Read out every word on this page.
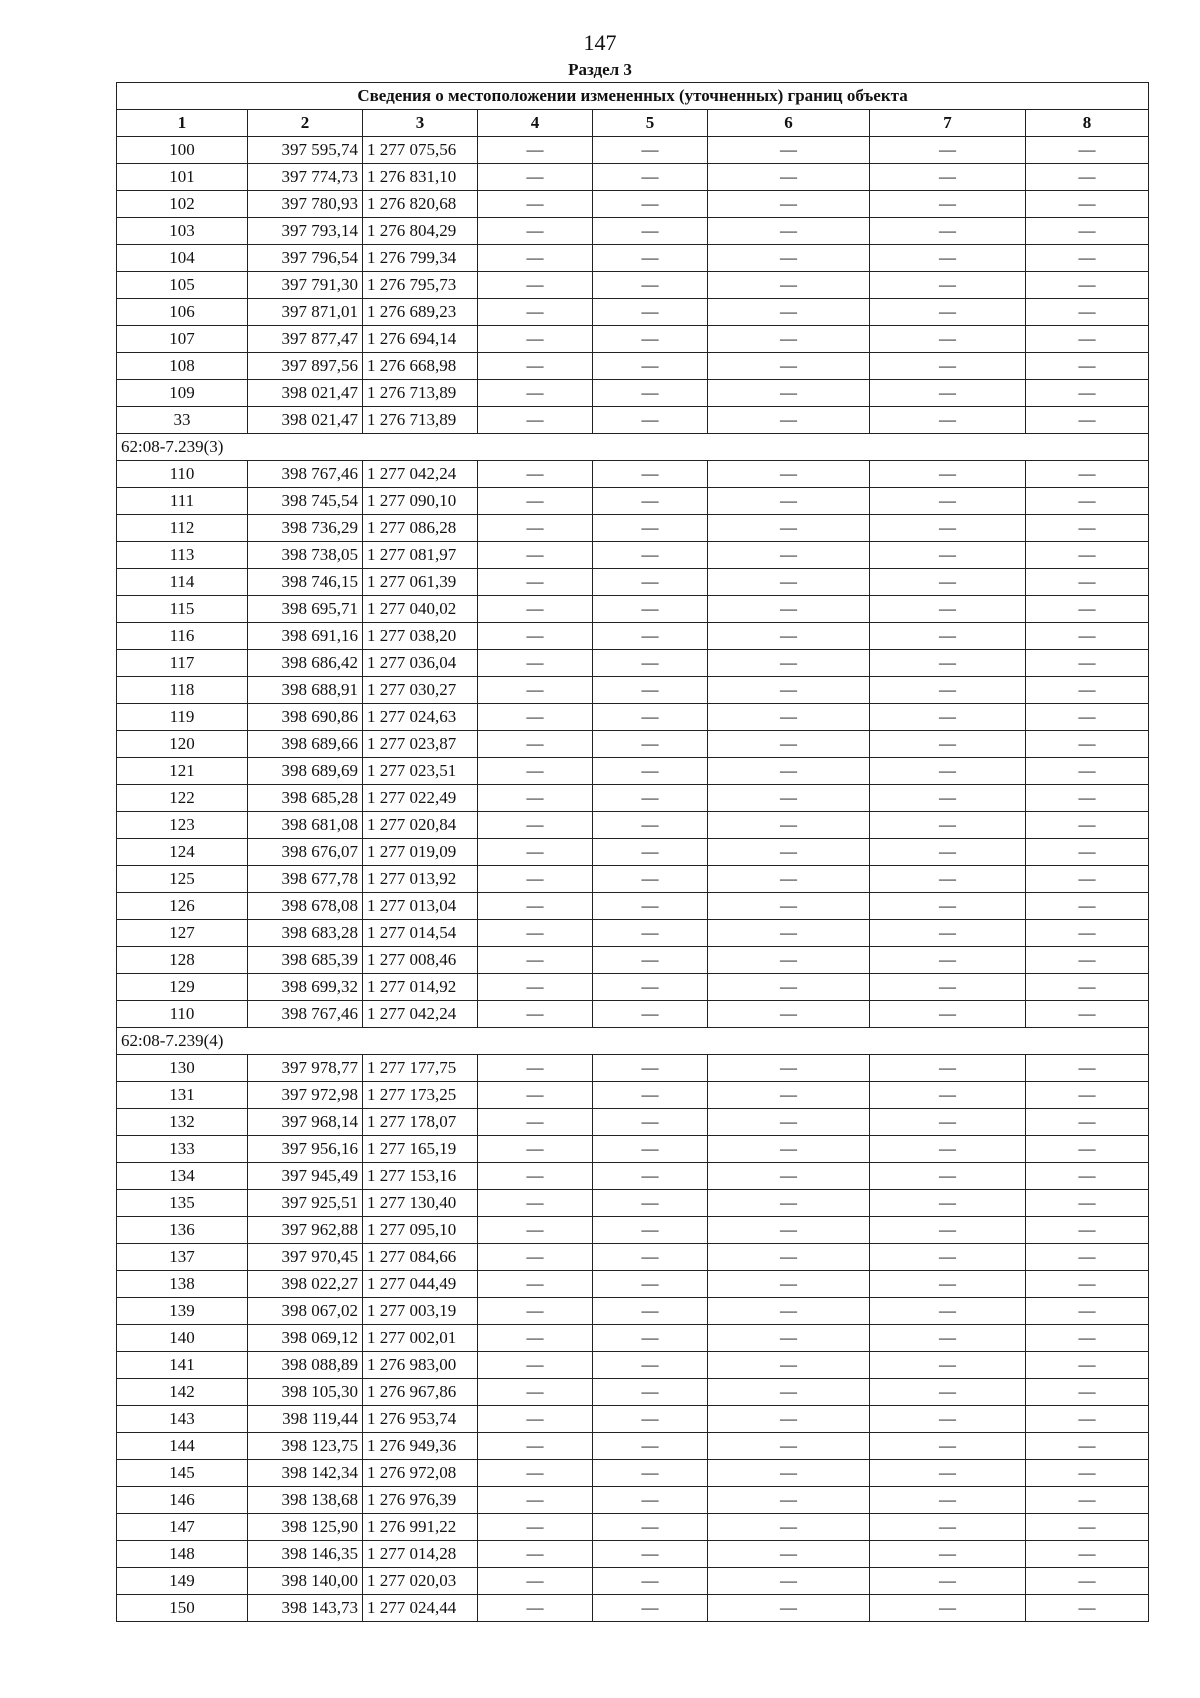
147
Раздел 3
Сведения о местоположении измененных (уточненных) границ объекта							
1	2	3	4	5	6	7	8
100	397 595,74	1 277 075,56	—	—	—	—	—
101	397 774,73	1 276 831,10	—	—	—	—	—
102	397 780,93	1 276 820,68	—	—	—	—	—
103	397 793,14	1 276 804,29	—	—	—	—	—
104	397 796,54	1 276 799,34	—	—	—	—	—
105	397 791,30	1 276 795,73	—	—	—	—	—
106	397 871,01	1 276 689,23	—	—	—	—	—
107	397 877,47	1 276 694,14	—	—	—	—	—
108	397 897,56	1 276 668,98	—	—	—	—	—
109	398 021,47	1 276 713,89	—	—	—	—	—
33	398 021,47	1 276 713,89	—	—	—	—	—
62:08-7.239(3)							
110	398 767,46	1 277 042,24	—	—	—	—	—
111	398 745,54	1 277 090,10	—	—	—	—	—
112	398 736,29	1 277 086,28	—	—	—	—	—
113	398 738,05	1 277 081,97	—	—	—	—	—
114	398 746,15	1 277 061,39	—	—	—	—	—
115	398 695,71	1 277 040,02	—	—	—	—	—
116	398 691,16	1 277 038,20	—	—	—	—	—
117	398 686,42	1 277 036,04	—	—	—	—	—
118	398 688,91	1 277 030,27	—	—	—	—	—
119	398 690,86	1 277 024,63	—	—	—	—	—
120	398 689,66	1 277 023,87	—	—	—	—	—
121	398 689,69	1 277 023,51	—	—	—	—	—
122	398 685,28	1 277 022,49	—	—	—	—	—
123	398 681,08	1 277 020,84	—	—	—	—	—
124	398 676,07	1 277 019,09	—	—	—	—	—
125	398 677,78	1 277 013,92	—	—	—	—	—
126	398 678,08	1 277 013,04	—	—	—	—	—
127	398 683,28	1 277 014,54	—	—	—	—	—
128	398 685,39	1 277 008,46	—	—	—	—	—
129	398 699,32	1 277 014,92	—	—	—	—	—
110	398 767,46	1 277 042,24	—	—	—	—	—
62:08-7.239(4)							
130	397 978,77	1 277 177,75	—	—	—	—	—
131	397 972,98	1 277 173,25	—	—	—	—	—
132	397 968,14	1 277 178,07	—	—	—	—	—
133	397 956,16	1 277 165,19	—	—	—	—	—
134	397 945,49	1 277 153,16	—	—	—	—	—
135	397 925,51	1 277 130,40	—	—	—	—	—
136	397 962,88	1 277 095,10	—	—	—	—	—
137	397 970,45	1 277 084,66	—	—	—	—	—
138	398 022,27	1 277 044,49	—	—	—	—	—
139	398 067,02	1 277 003,19	—	—	—	—	—
140	398 069,12	1 277 002,01	—	—	—	—	—
141	398 088,89	1 276 983,00	—	—	—	—	—
142	398 105,30	1 276 967,86	—	—	—	—	—
143	398 119,44	1 276 953,74	—	—	—	—	—
144	398 123,75	1 276 949,36	—	—	—	—	—
145	398 142,34	1 276 972,08	—	—	—	—	—
146	398 138,68	1 276 976,39	—	—	—	—	—
147	398 125,90	1 276 991,22	—	—	—	—	—
148	398 146,35	1 277 014,28	—	—	—	—	—
149	398 140,00	1 277 020,03	—	—	—	—	—
150	398 143,73	1 277 024,44	—	—	—	—	—
